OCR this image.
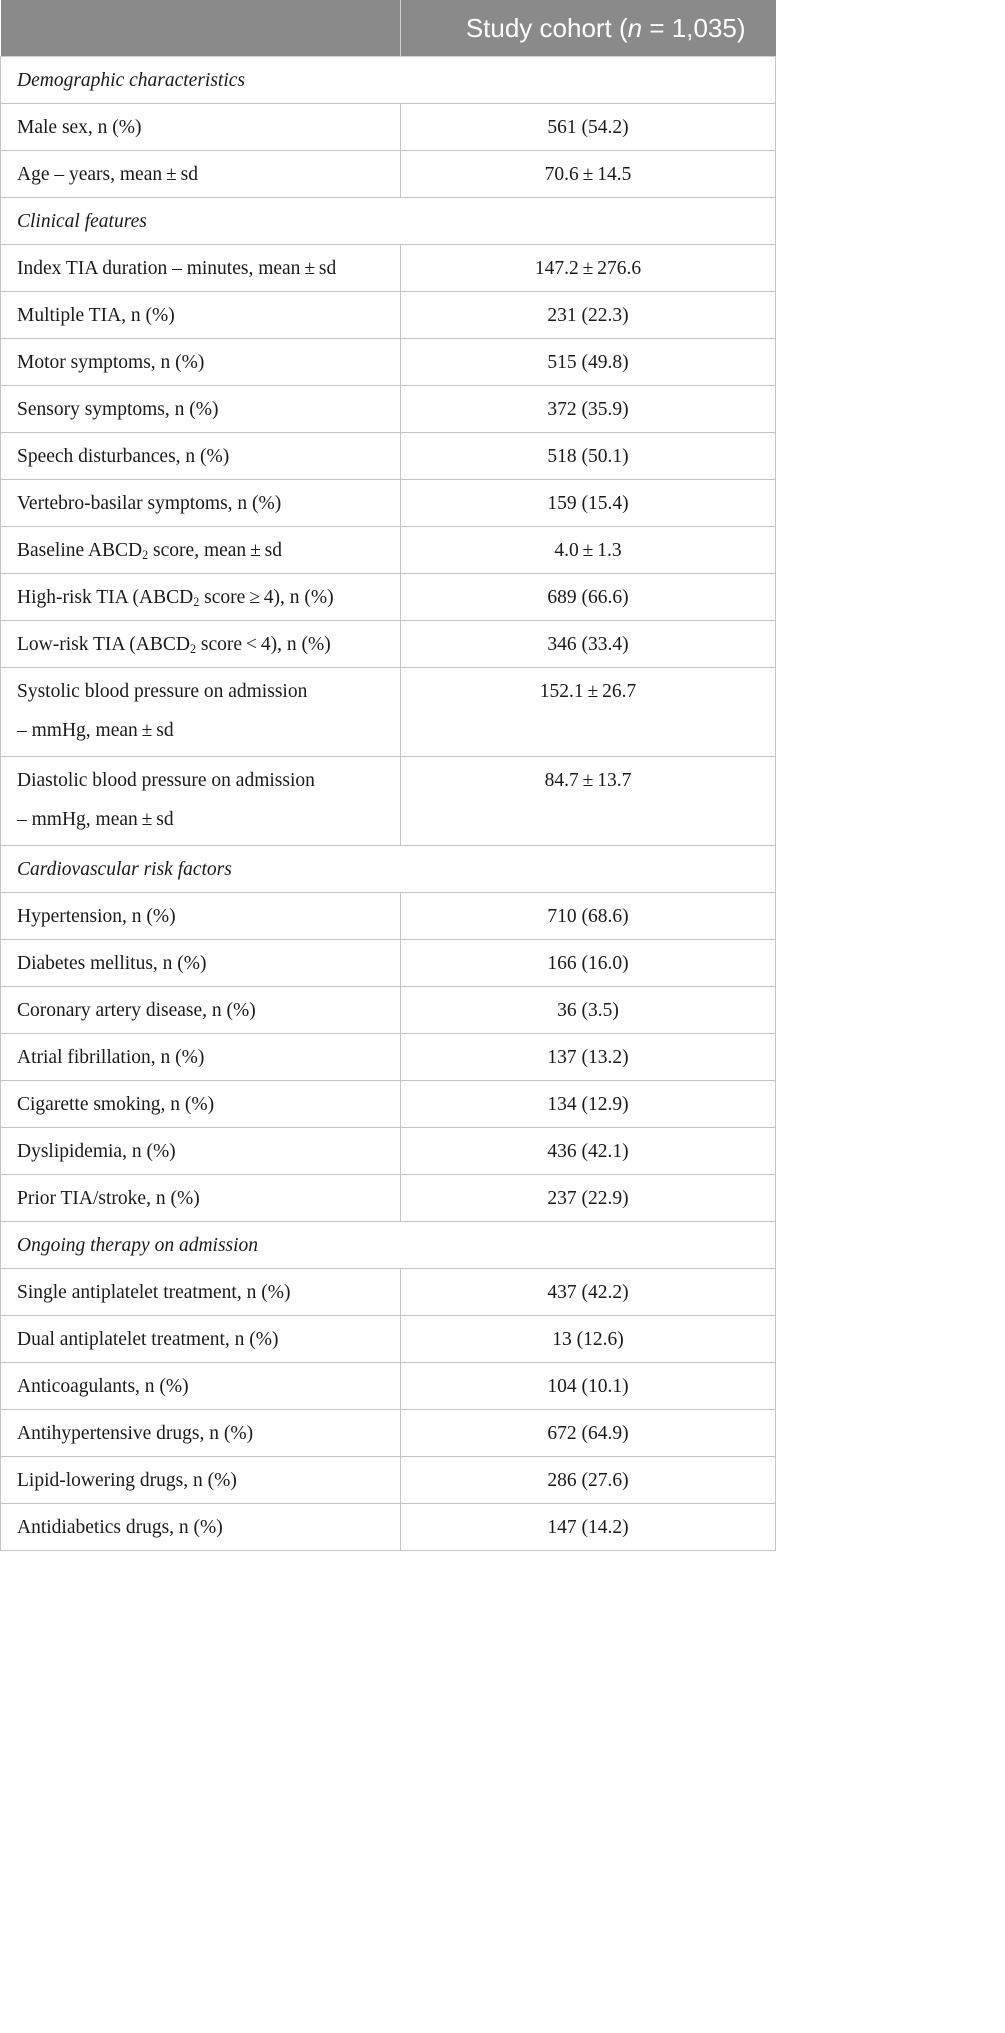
	Study cohort (n = 1,035)
Demographic characteristics	
Male sex, n (%)	561 (54.2)
Age – years, mean ± sd	70.6 ± 14.5
Clinical features	
Index TIA duration – minutes, mean ± sd	147.2 ± 276.6
Multiple TIA, n (%)	231 (22.3)
Motor symptoms, n (%)	515 (49.8)
Sensory symptoms, n (%)	372 (35.9)
Speech disturbances, n (%)	518 (50.1)
Vertebro-basilar symptoms, n (%)	159 (15.4)
Baseline $ABCD_2$ score, mean ± sd	4.0 ± 1.3
High-risk TIA ($ABCD_2$ score ≥ 4), n (%)	689 (66.6)
Low-risk TIA ($ABCD_2$ score < 4), n (%)	346 (33.4)

Systolic blood pressure on admission
– mmHg, mean ± sd	152.1 ± 26.7

Diastolic blood pressure on admission
– mmHg, mean ± sd	84.7 ± 13.7
Cardiovascular risk factors	
Hypertension, n (%)	710 (68.6)
Diabetes mellitus, n (%)	166 (16.0)
Coronary artery disease, n (%)	36 (3.5)
Atrial fibrillation, n (%)	137 (13.2)
Cigarette smoking, n (%)	134 (12.9)
Dyslipidemia, n (%)	436 (42.1)
Prior TIA/stroke, n (%)	237 (22.9)
Ongoing therapy on admission	
Single antiplatelet treatment, n (%)	437 (42.2)
Dual antiplatelet treatment, n (%)	13 (12.6)
Anticoagulants, n (%)	104 (10.1)
Antihypertensive drugs, n (%)	672 (64.9)
Lipid-lowering drugs, n (%)	286 (27.6)
Antidiabetics drugs, n (%)	147 (14.2)
